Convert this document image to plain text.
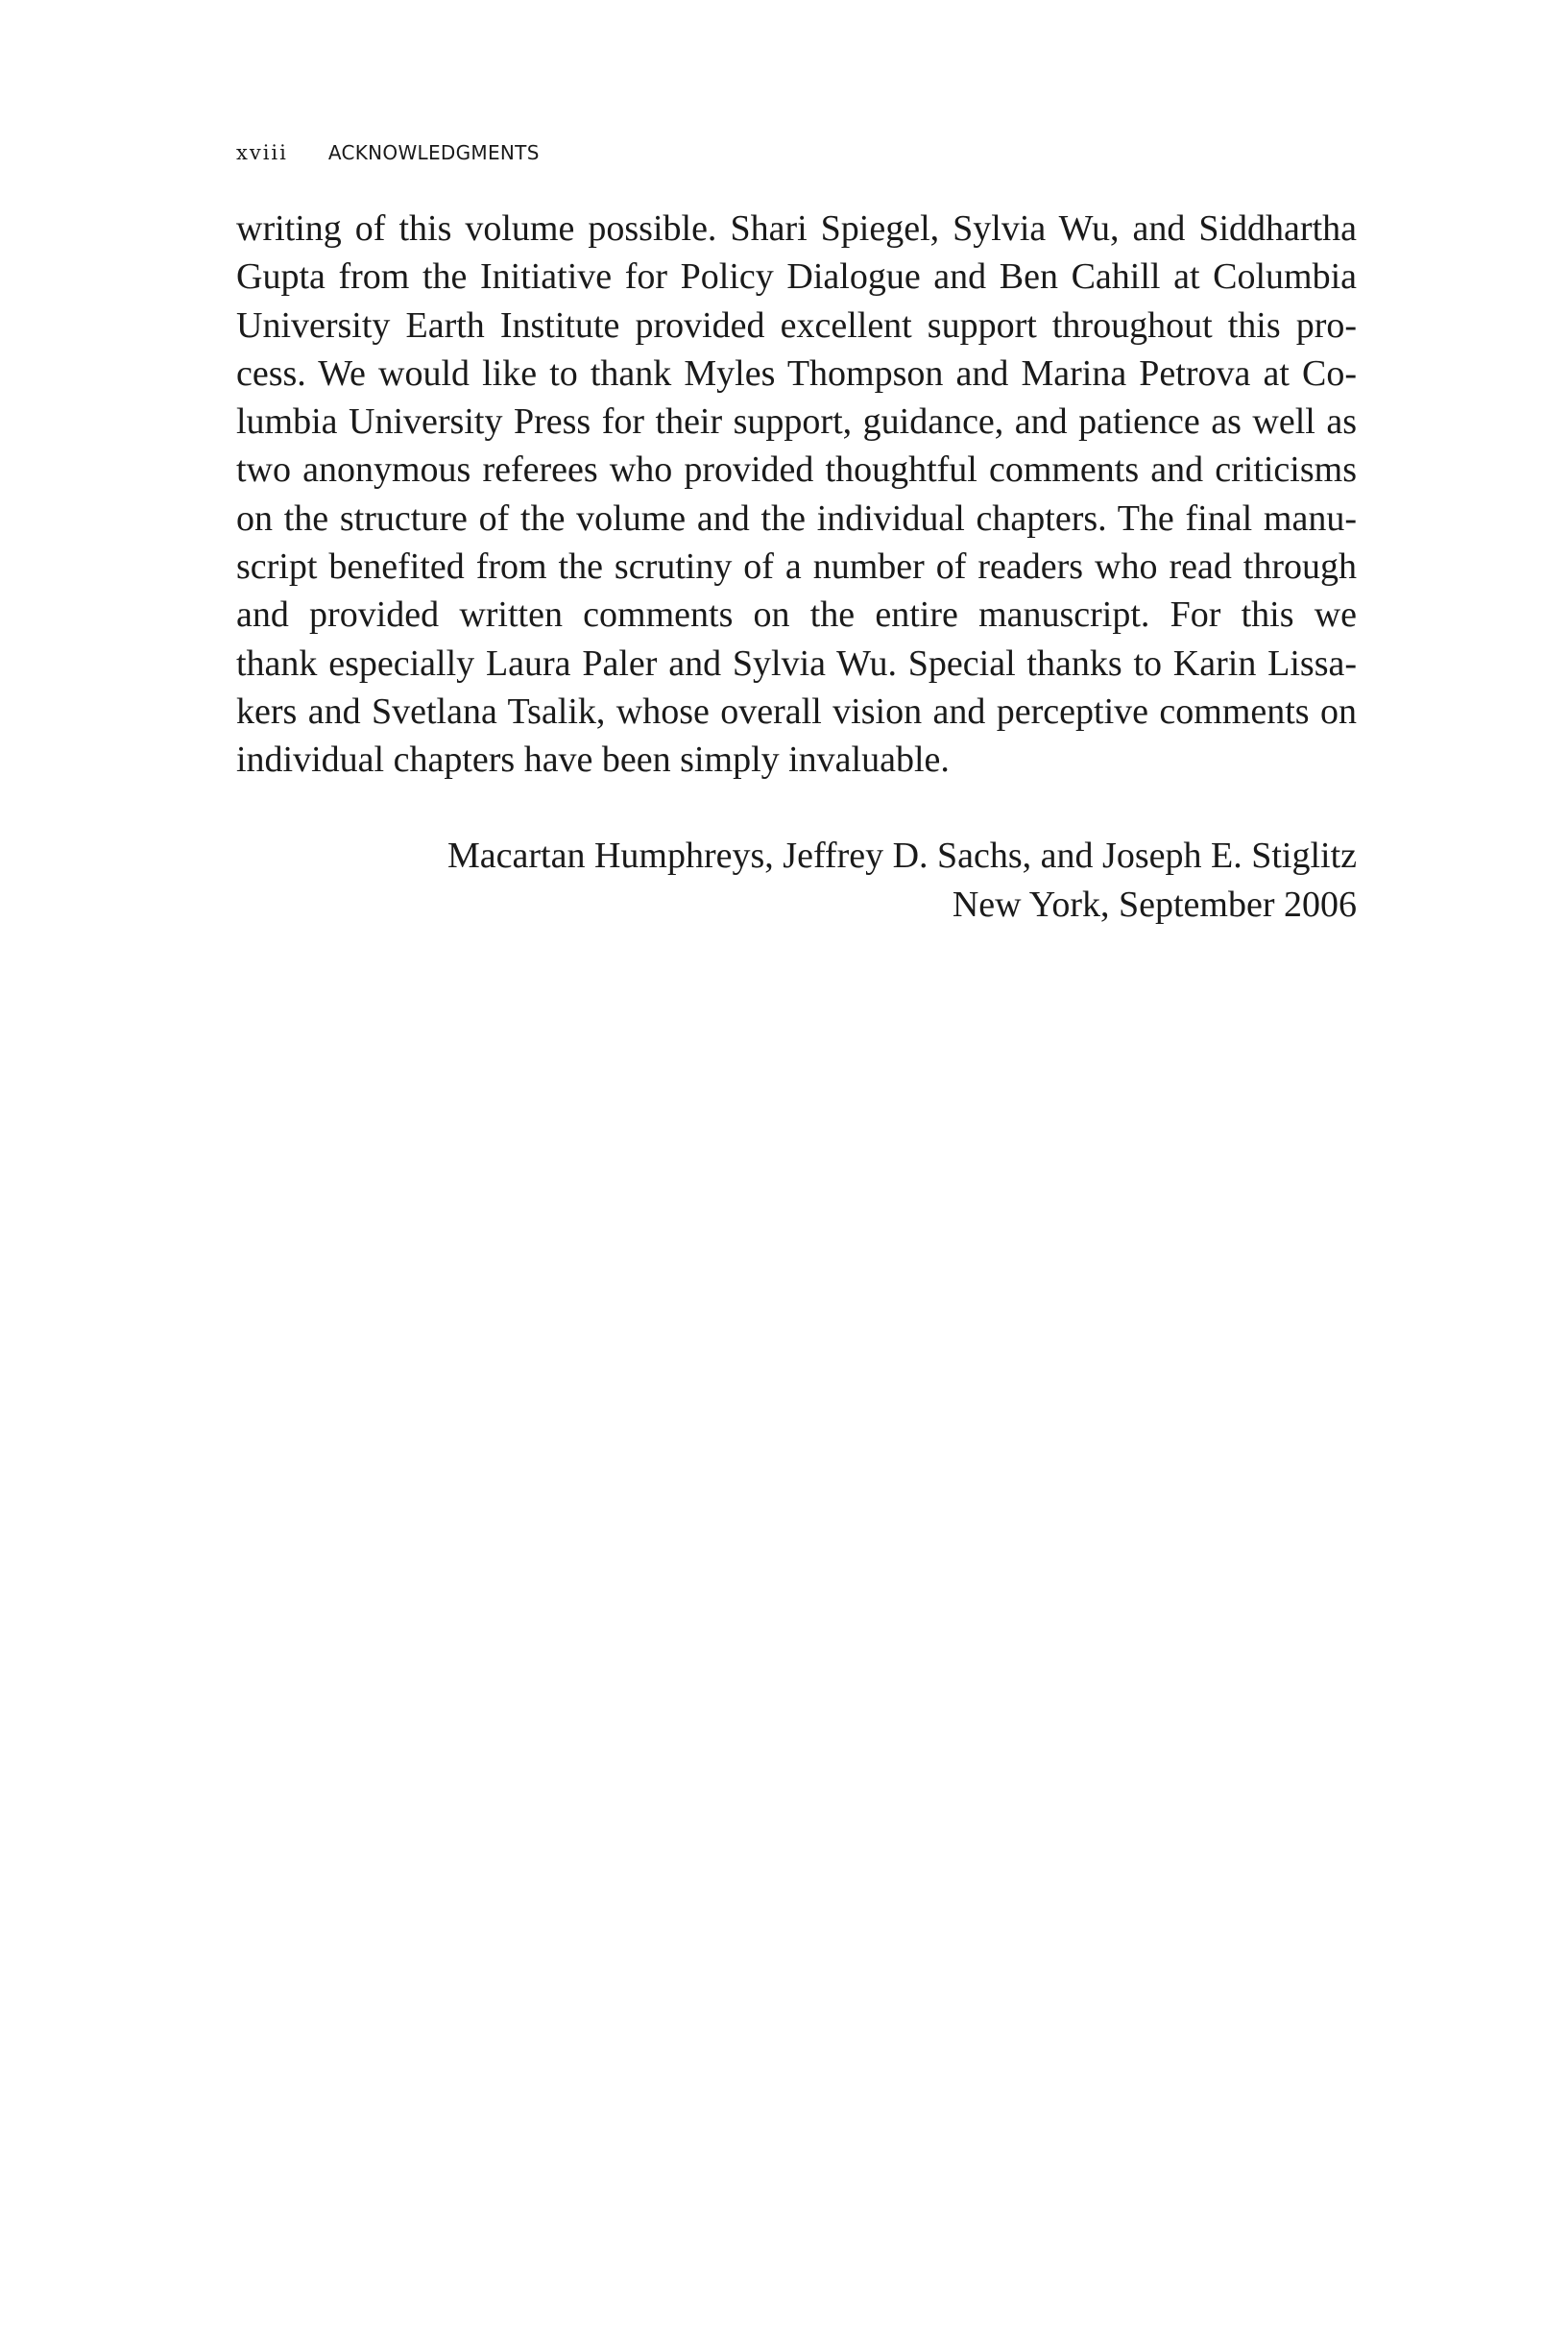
xviii ACKNOWLEDGMENTS
writing of this volume possible. Shari Spiegel, Sylvia Wu, and Siddhartha
Gupta from the Initiative for Policy Dialogue and Ben Cahill at Columbia
University Earth Institute provided excellent support throughout this pro-
cess. We would like to thank Myles Thompson and Marina Petrova at Co-
lumbia University Press for their support, guidance, and patience as well as
two anonymous referees who provided thoughtful comments and criticisms
on the structure of the volume and the individual chapters. The final manu-
script benefited from the scrutiny of a number of readers who read through
and provided written comments on the entire manuscript. For this we
thank especially Laura Paler and Sylvia Wu. Special thanks to Karin Lissa-
kers and Svetlana Tsalik, whose overall vision and perceptive comments on
individual chapters have been simply invaluable.
Macartan Humphreys, Jeffrey D. Sachs, and Joseph E. Stiglitz
New York, September 2006
